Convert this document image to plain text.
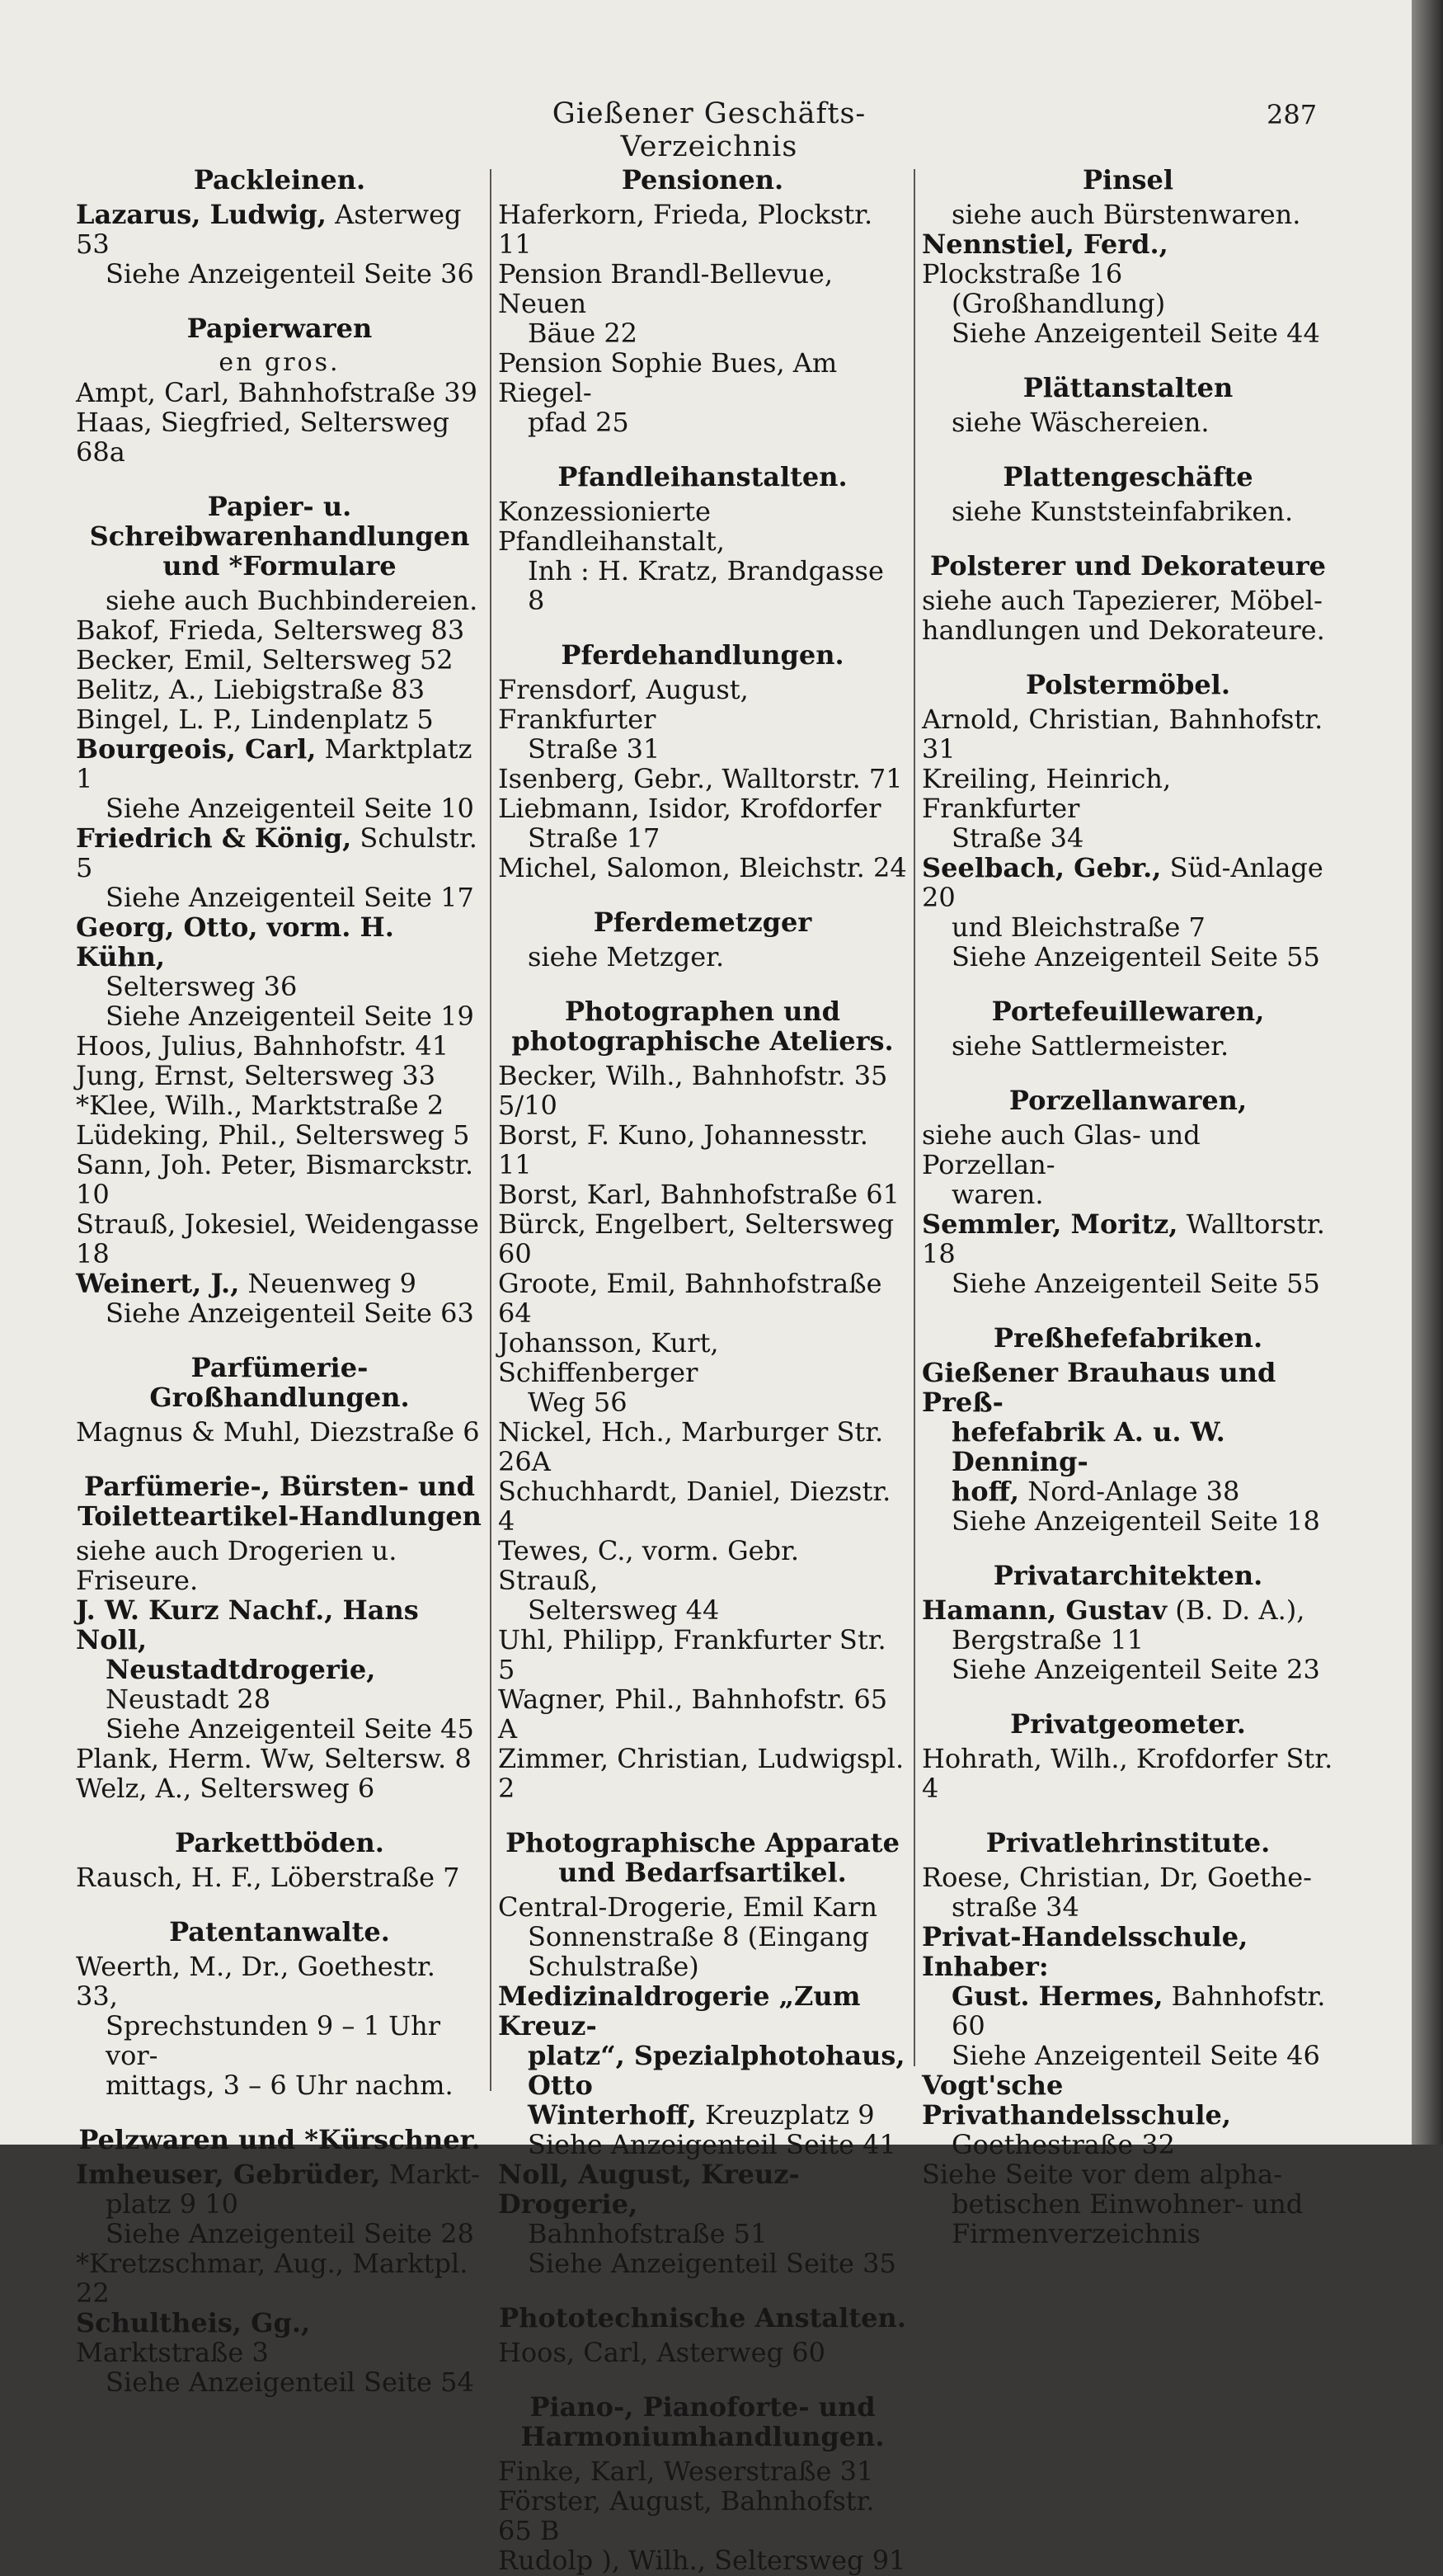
Gießener Geschäfts-Verzeichnis
287
Packleinen.
Lazarus, Ludwig, Asterweg 53
Siehe Anzeigenteil Seite 36
Papierwaren
en gros.
Ampt, Carl, Bahnhofstraße 39
Haas, Siegfried, Seltersweg 68a
Papier- u. Schreibwarenhandlungen und *Formulare
siehe auch Buchbindereien.
Bakof, Frieda, Seltersweg 83
Becker, Emil, Seltersweg 52
Belitz, A., Liebigstraße 83
Bingel, L. P., Lindenplatz 5
Bourgeois, Carl, Marktplatz 1
Siehe Anzeigenteil Seite 10
Friedrich & König, Schulstr. 5
Siehe Anzeigenteil Seite 17
Georg, Otto, vorm. H. Kühn,
Seltersweg 36
Siehe Anzeigenteil Seite 19
Hoos, Julius, Bahnhofstr. 41
Jung, Ernst, Seltersweg 33
*Klee, Wilh., Marktstraße 2
Lüdeking, Phil., Seltersweg 5
Sann, Joh. Peter, Bismarckstr. 10
Strauß, Jokesiel, Weidengasse 18
Weinert, J., Neuenweg 9
Siehe Anzeigenteil Seite 63
Parfümerie-Großhandlungen.
Magnus & Muhl, Diezstraße 6
Parfümerie-, Bürsten- und Toiletteartikel-Handlungen
siehe auch Drogerien u. Friseure.
J. W. Kurz Nachf., Hans Noll,
Neustadtdrogerie, Neustadt 28
Siehe Anzeigenteil Seite 45
Plank, Herm. Ww, Seltersw. 8
Welz, A., Seltersweg 6
Parkettböden.
Rausch, H. F., Löberstraße 7
Patentanwalte.
Weerth, M., Dr., Goethestr. 33,
Sprechstunden 9 – 1 Uhr vor-
mittags, 3 – 6 Uhr nachm.
Pelzwaren und *Kürschner.
Imheuser, Gebrüder, Markt-
platz 9 10
Siehe Anzeigenteil Seite 28
*Kretzschmar, Aug., Marktpl. 22
Schultheis, Gg., Marktstraße 3
Siehe Anzeigenteil Seite 54
Pensionen.
Haferkorn, Frieda, Plockstr. 11
Pension Brandl-Bellevue, Neuen
Bäue 22
Pension Sophie Bues, Am Riegel-
pfad 25
Pfandleihanstalten.
Konzessionierte Pfandleihanstalt,
Inh : H. Kratz, Brandgasse 8
Pferdehandlungen.
Frensdorf, August, Frankfurter
Straße 31
Isenberg, Gebr., Walltorstr. 71
Liebmann, Isidor, Krofdorfer
Straße 17
Michel, Salomon, Bleichstr. 24
Pferdemetzger
siehe Metzger.
Photographen und photographische Ateliers.
Becker, Wilh., Bahnhofstr. 35 5/10
Borst, F. Kuno, Johannesstr. 11
Borst, Karl, Bahnhofstraße 61
Bürck, Engelbert, Seltersweg 60
Groote, Emil, Bahnhofstraße 64
Johansson, Kurt, Schiffenberger
Weg 56
Nickel, Hch., Marburger Str. 26A
Schuchhardt, Daniel, Diezstr. 4
Tewes, C., vorm. Gebr. Strauß,
Seltersweg 44
Uhl, Philipp, Frankfurter Str. 5
Wagner, Phil., Bahnhofstr. 65 A
Zimmer, Christian, Ludwigspl. 2
Photographische Apparate und Bedarfsartikel.
Central-Drogerie, Emil Karn
Sonnenstraße 8 (Eingang
Schulstraße)
Medizinaldrogerie „Zum Kreuz-
platz“, Spezialphotohaus, Otto
Winterhoff, Kreuzplatz 9
Siehe Anzeigenteil Seite 41
Noll, August, Kreuz-Drogerie,
Bahnhofstraße 51
Siehe Anzeigenteil Seite 35
Phototechnische Anstalten.
Hoos, Carl, Asterweg 60
Piano-, Pianoforte- und Harmoniumhandlungen.
Finke, Karl, Weserstraße 31
Förster, August, Bahnhofstr. 65 B
Rudolp ), Wilh., Seltersweg 91
Pinsel
siehe auch Bürstenwaren.
Nennstiel, Ferd., Plockstraße 16
(Großhandlung)
Siehe Anzeigenteil Seite 44
Plättanstalten
siehe Wäschereien.
Plattengeschäfte
siehe Kunststeinfabriken.
Polsterer und Dekorateure
siehe auch Tapezierer, Möbel-
handlungen und Dekorateure.
Polstermöbel.
Arnold, Christian, Bahnhofstr. 31
Kreiling, Heinrich, Frankfurter
Straße 34
Seelbach, Gebr., Süd-Anlage 20
und Bleichstraße 7
Siehe Anzeigenteil Seite 55
Portefeuillewaren,
siehe Sattlermeister.
Porzellanwaren,
siehe auch Glas- und Porzellan-
waren.
Semmler, Moritz, Walltorstr. 18
Siehe Anzeigenteil Seite 55
Preßhefefabriken.
Gießener Brauhaus und Preß-
hefefabrik A. u. W. Denning-
hoff, Nord-Anlage 38
Siehe Anzeigenteil Seite 18
Privatarchitekten.
Hamann, Gustav (B. D. A.),
Bergstraße 11
Siehe Anzeigenteil Seite 23
Privatgeometer.
Hohrath, Wilh., Krofdorfer Str. 4
Privatlehrinstitute.
Roese, Christian, Dr, Goethe-
straße 34
Privat-Handelsschule, Inhaber:
Gust. Hermes, Bahnhofstr. 60
Siehe Anzeigenteil Seite 46
Vogt'sche Privathandelsschule,
Goethestraße 32
Siehe Seite vor dem alpha-
betischen Einwohner- und
Firmenverzeichnis
